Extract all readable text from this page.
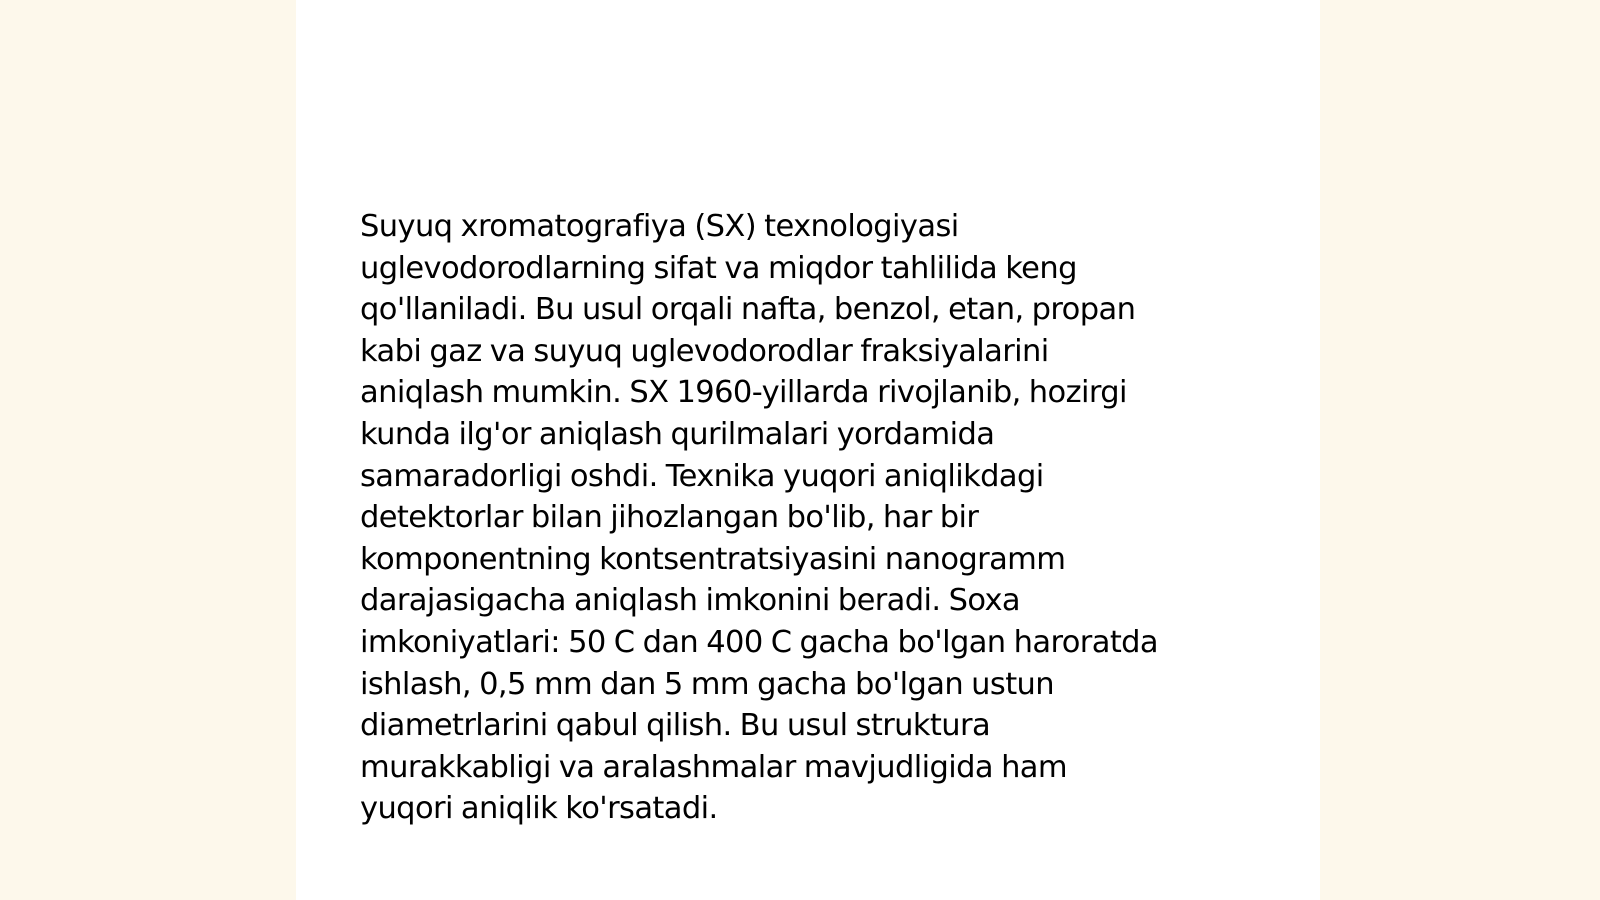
Suyuq xromatografiya (SX) texnologiyasi
uglevodorodlarning sifat va miqdor tahlilida keng
qo'llaniladi. Bu usul orqali nafta, benzol, etan, propan
kabi gaz va suyuq uglevodorodlar fraksiyalarini
aniqlash mumkin. SX 1960-yillarda rivojlanib, hozirgi
kunda ilg'or aniqlash qurilmalari yordamida
samaradorligi oshdi. Texnika yuqori aniqlikdagi
detektorlar bilan jihozlangan bo'lib, har bir
komponentning kontsentratsiyasini nanogramm
darajasigacha aniqlash imkonini beradi. Soxa
imkoniyatlari: 50 C dan 400 C gacha bo'lgan haroratda
ishlash, 0,5 mm dan 5 mm gacha bo'lgan ustun
diametrlarini qabul qilish. Bu usul struktura
murakkabligi va aralashmalar mavjudligida ham
yuqori aniqlik ko'rsatadi.
